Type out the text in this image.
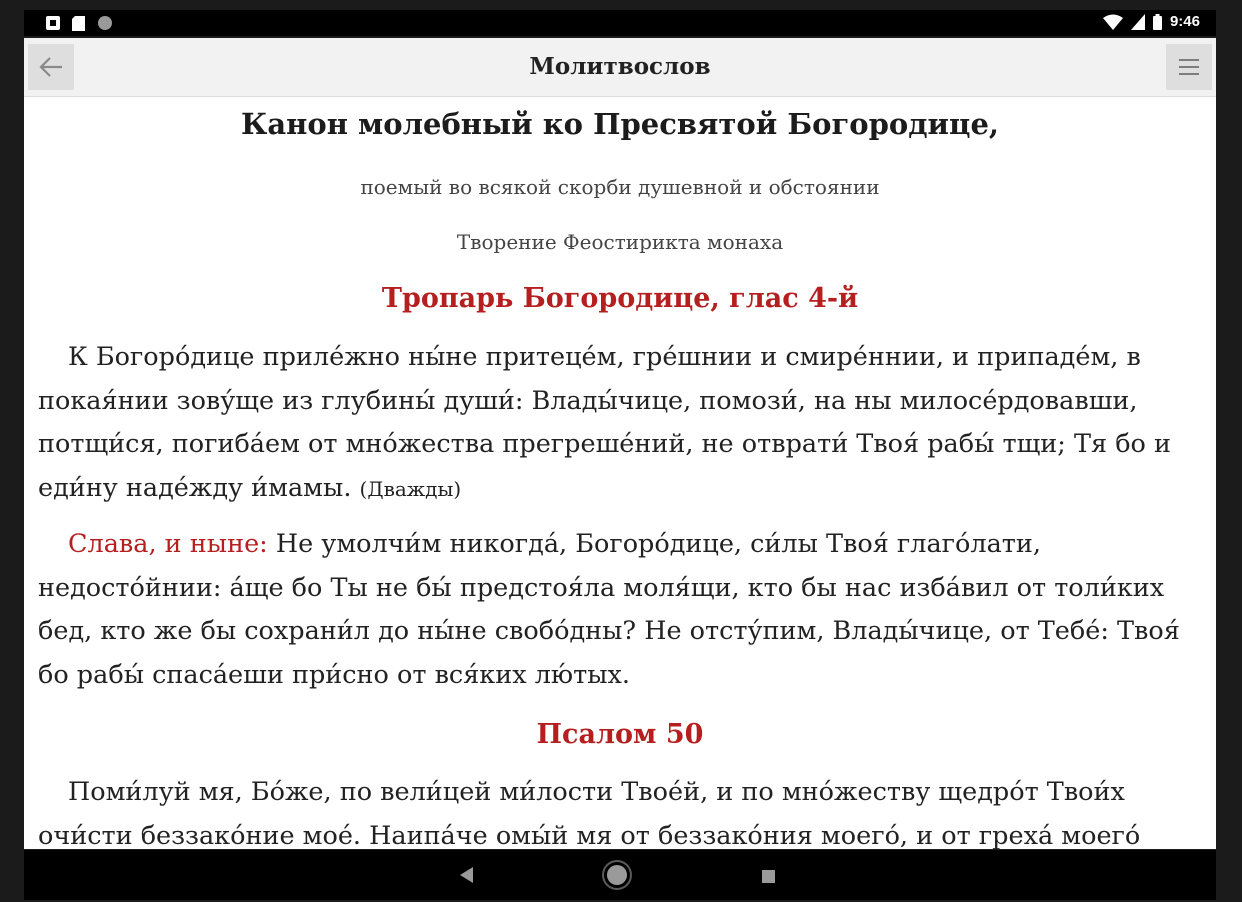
9:46
Молитвослов
Канон молебный ко Пресвятой Богородице,
поемый во всякой скорби душевной и обстоянии
Творение Феостирикта монаха
Тропарь Богородице, глас 4-й
К Богоро́дице приле́жно ны́не притеце́м, гре́шнии и смире́ннии, и припаде́м, в покая́нии зову́ще из глубины́ души́: Влады́чице, помози́, на ны милосе́рдовавши, потщи́ся, погиба́ем от мно́жества прегреше́ний, не отврати́ Твоя́ рабы́ тщи; Тя бо и еди́ну наде́жду и́мамы. (Дважды)
Слава, и ныне: Не умолчи́м никогда́, Богоро́дице, си́лы Твоя́ глаго́лати, недосто́йнии: а́ще бо Ты не бы́ предстоя́ла моля́щи, кто бы нас изба́вил от толи́ких бед, кто же бы сохрани́л до ны́не свобо́дны? Не отсту́пим, Влады́чице, от Тебе́: Твоя́ бо рабы́ спаса́еши при́сно от вся́ких лю́тых.
Псалом 50
Поми́луй мя, Бо́же, по вели́цей ми́лости Твое́й, и по мно́жеству щедро́т Твои́х очи́сти беззако́ние мое́. Наипа́че омы́й мя от беззако́ния моего́, и от греха́ моего́
